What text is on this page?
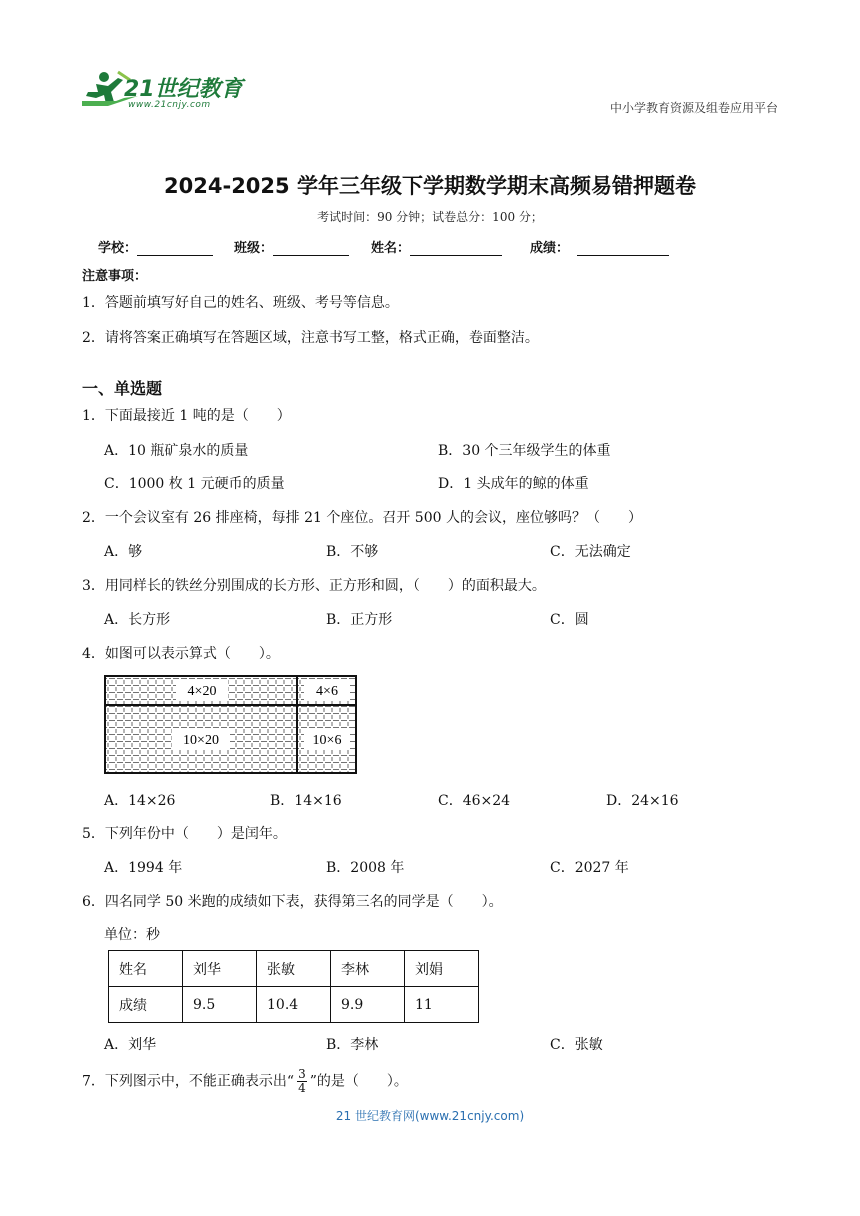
21世纪教育
www.21cnjy.com	中小学教育资源及组卷应用平台
2024-2025 学年三年级下学期数学期末高频易错押题卷
考试时间：90 分钟；试卷总分：100 分；
学校：	班级：	姓名：	成绩：
注意事项：
1．答题前填写好自己的姓名、班级、考号等信息。
2．请将答案正确填写在答题区域，注意书写工整，格式正确，卷面整洁。
一、单选题
1．下面最接近 1 吨的是（　　）
A．10 瓶矿泉水的质量	B．30 个三年级学生的体重
C．1000 枚 1 元硬币的质量	D．1 头成年的鲸的体重
2．一个会议室有 26 排座椅，每排 21 个座位。召开 500 人的会议，座位够吗？（　　）
A．够	B．不够	C．无法确定
3．用同样长的铁丝分别围成的长方形、正方形和圆，（　　）的面积最大。
A．长方形	B．正方形	C．圆
4．如图可以表示算式（　　）。
4×20	4×6
10×20	10×6
A．14×26	B．14×16	C．46×24	D．24×16
5．下列年份中（　　）是闰年。
A．1994 年	B．2008 年	C．2027 年
6．四名同学 50 米跑的成绩如下表，获得第三名的同学是（　　）。
单位：秒
姓名	刘华	张敏	李林	刘娟
成绩	9.5	10.4	9.9	11
A．刘华	B．李林	C．张敏
7．下列图示中，不能正确表示出“ $\frac{3}{4}$ ”的是（　　）。
21 世纪教育网(www.21cnjy.com)
